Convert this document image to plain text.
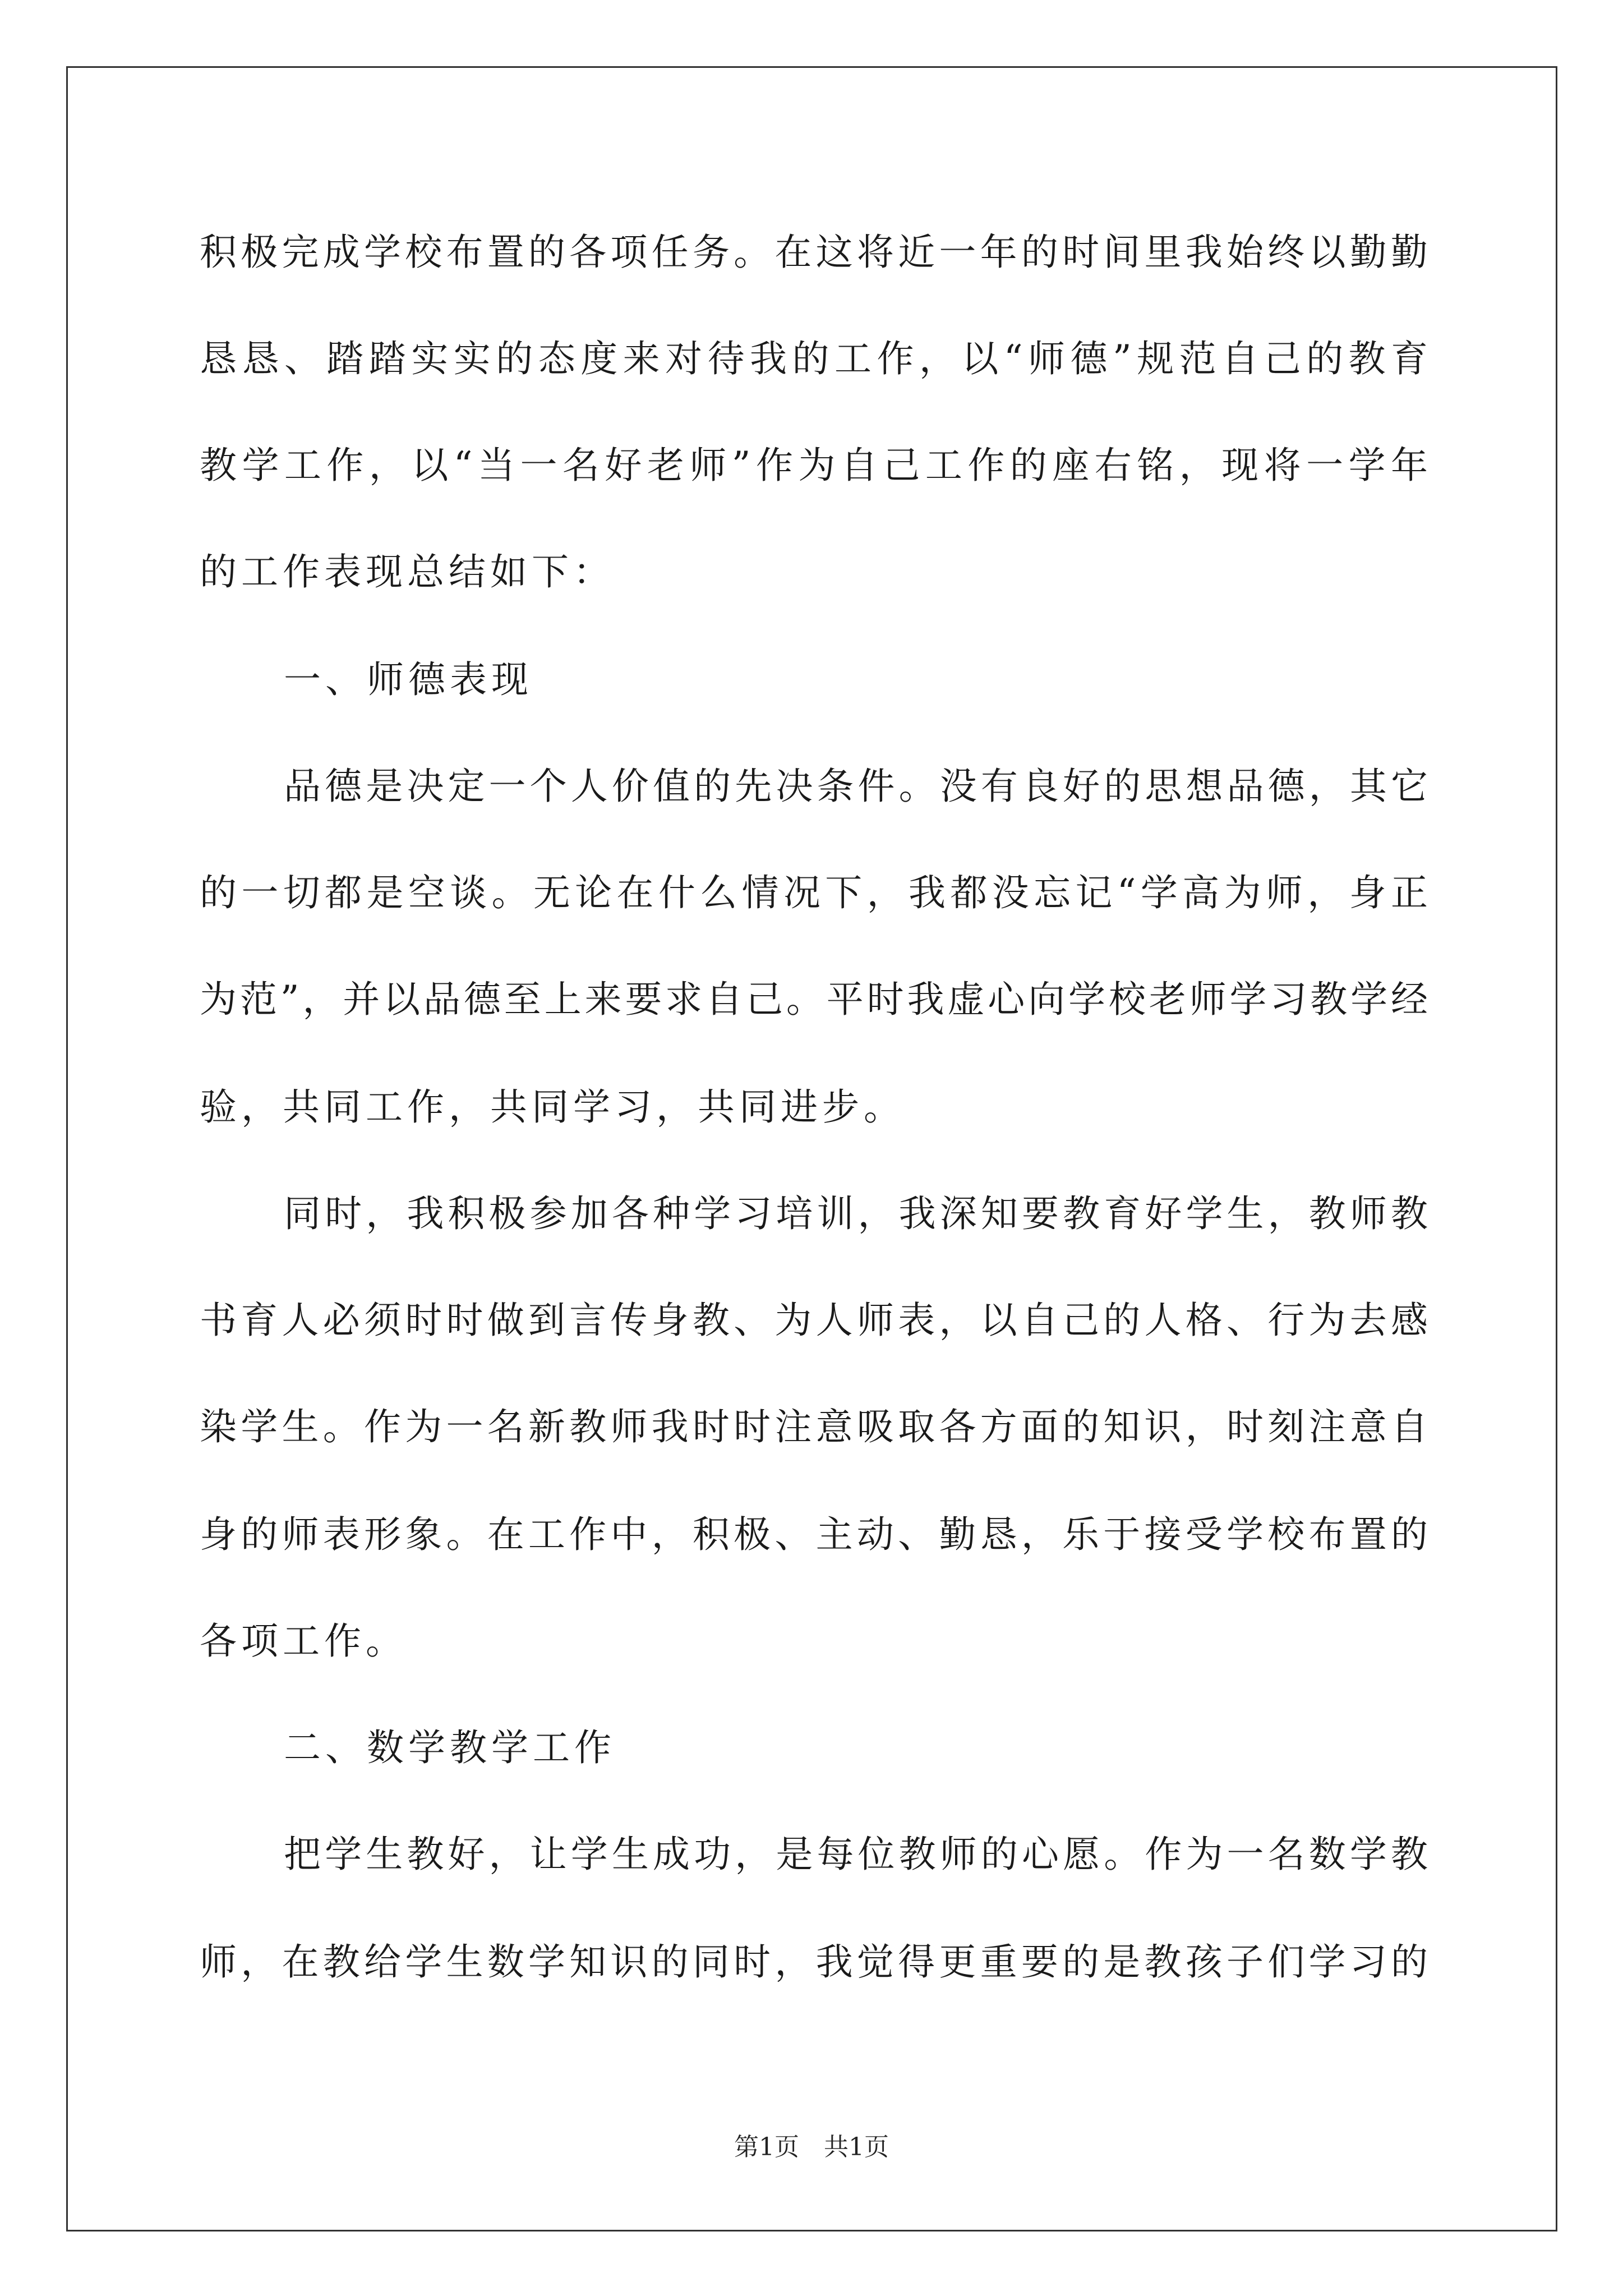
积极完成学校布置的各项任务。在这将近一年的时间里我始终以勤勤
恳恳、踏踏实实的态度来对待我的工作，以“师德”规范自己的教育
教学工作，以“当一名好老师”作为自己工作的座右铭，现将一学年
的工作表现总结如下：
一、师德表现
品德是决定一个人价值的先决条件。没有良好的思想品德，其它
的一切都是空谈。无论在什么情况下，我都没忘记“学高为师，身正
为范”，并以品德至上来要求自己。平时我虚心向学校老师学习教学经
验，共同工作，共同学习，共同进步。
同时，我积极参加各种学习培训，我深知要教育好学生，教师教
书育人必须时时做到言传身教、为人师表，以自己的人格、行为去感
染学生。作为一名新教师我时时注意吸取各方面的知识，时刻注意自
身的师表形象。在工作中，积极、主动、勤恳，乐于接受学校布置的
各项工作。
二、数学教学工作
把学生教好，让学生成功，是每位教师的心愿。作为一名数学教
师，在教给学生数学知识的同时，我觉得更重要的是教孩子们学习的
第1页　共1页
